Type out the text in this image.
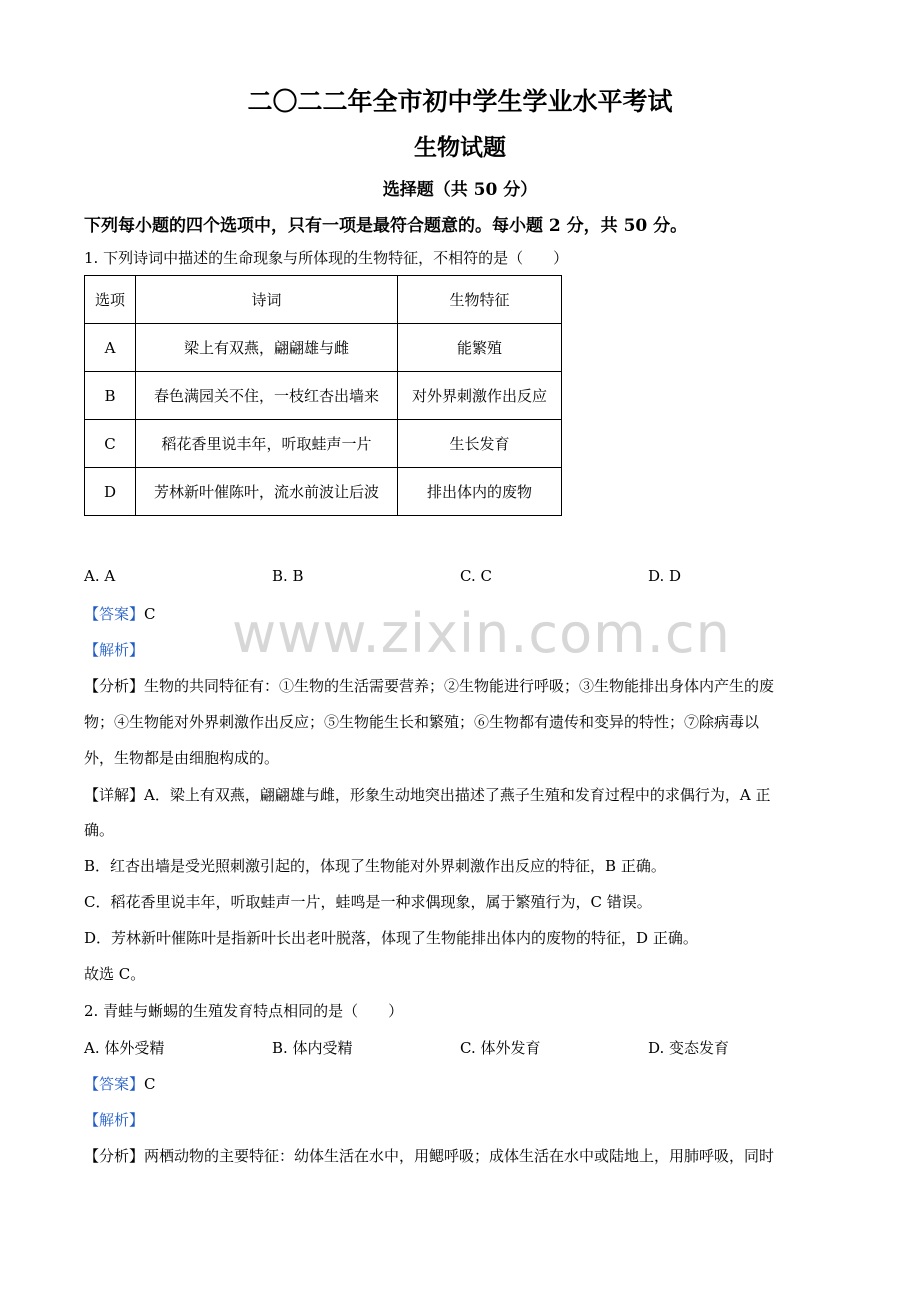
www.zixin.com.cn
二〇二二年全市初中学生学业水平考试
生物试题
选择题（共 50 分）
下列每小题的四个选项中，只有一项是最符合题意的。每小题 2 分，共 50 分。
1. 下列诗词中描述的生命现象与所体现的生物特征，不相符的是（　　）
选项	诗词	生物特征
A	梁上有双燕，翩翩雄与雌	能繁殖
B	春色满园关不住，一枝红杏出墙来	对外界刺激作出反应
C	稻花香里说丰年，听取蛙声一片	生长发育
D	芳林新叶催陈叶，流水前波让后波	排出体内的废物
A. A	B. B	C. C	D. D
【答案】C
【解析】
【分析】生物的共同特征有：①生物的生活需要营养；②生物能进行呼吸；③生物能排出身体内产生的废
物；④生物能对外界刺激作出反应；⑤生物能生长和繁殖；⑥生物都有遗传和变异的特性；⑦除病毒以
外，生物都是由细胞构成的。
【详解】A．梁上有双燕，翩翩雄与雌，形象生动地突出描述了燕子生殖和发育过程中的求偶行为，A 正
确。
B．红杏出墙是受光照刺激引起的，体现了生物能对外界刺激作出反应的特征，B 正确。
C．稻花香里说丰年，听取蛙声一片，蛙鸣是一种求偶现象，属于繁殖行为，C 错误。
D．芳林新叶催陈叶是指新叶长出老叶脱落，体现了生物能排出体内的废物的特征，D 正确。
故选 C。
2. 青蛙与蜥蜴的生殖发育特点相同的是（　　）
A. 体外受精	B. 体内受精	C. 体外发育	D. 变态发育
【答案】C
【解析】
【分析】两栖动物的主要特征：幼体生活在水中，用鳃呼吸；成体生活在水中或陆地上，用肺呼吸，同时
